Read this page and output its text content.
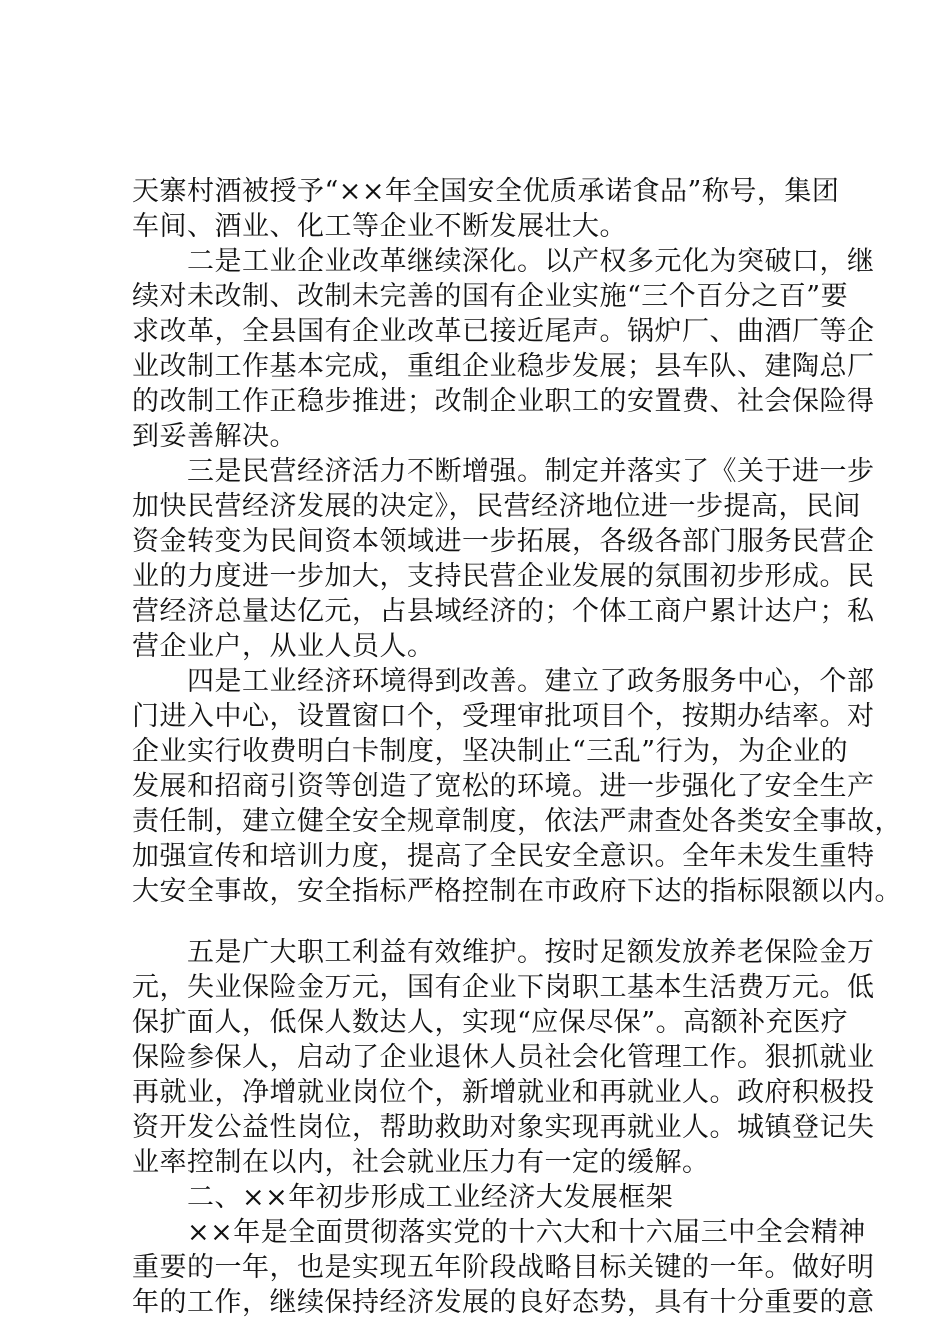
天寨村酒被授予“××年全国安全优质承诺食品”称号，集团
车间、酒业、化工等企业不断发展壮大。
　　二是工业企业改革继续深化。以产权多元化为突破口，继
续对未改制、改制未完善的国有企业实施“三个百分之百”要
求改革，全县国有企业改革已接近尾声。锅炉厂、曲酒厂等企
业改制工作基本完成，重组企业稳步发展；县车队、建陶总厂
的改制工作正稳步推进；改制企业职工的安置费、社会保险得
到妥善解决。
　　三是民营经济活力不断增强。制定并落实了《关于进一步
加快民营经济发展的决定》，民营经济地位进一步提高，民间
资金转变为民间资本领域进一步拓展，各级各部门服务民营企
业的力度进一步加大，支持民营企业发展的氛围初步形成。民
营经济总量达亿元，占县域经济的；个体工商户累计达户；私
营企业户，从业人员人。
　　四是工业经济环境得到改善。建立了政务服务中心，个部
门进入中心，设置窗口个，受理审批项目个，按期办结率。对
企业实行收费明白卡制度，坚决制止“三乱”行为，为企业的
发展和招商引资等创造了宽松的环境。进一步强化了安全生产
责任制，建立健全安全规章制度，依法严肃查处各类安全事故，
加强宣传和培训力度，提高了全民安全意识。全年未发生重特
大安全事故，安全指标严格控制在市政府下达的指标限额以内。
　　五是广大职工利益有效维护。按时足额发放养老保险金万
元，失业保险金万元，国有企业下岗职工基本生活费万元。低
保扩面人，低保人数达人，实现“应保尽保”。高额补充医疗
保险参保人，启动了企业退休人员社会化管理工作。狠抓就业
再就业，净增就业岗位个，新增就业和再就业人。政府积极投
资开发公益性岗位，帮助救助对象实现再就业人。城镇登记失
业率控制在以内，社会就业压力有一定的缓解。
　　二、××年初步形成工业经济大发展框架
　　××年是全面贯彻落实党的十六大和十六届三中全会精神
重要的一年，也是实现五年阶段战略目标关键的一年。做好明
年的工作，继续保持经济发展的良好态势，具有十分重要的意
